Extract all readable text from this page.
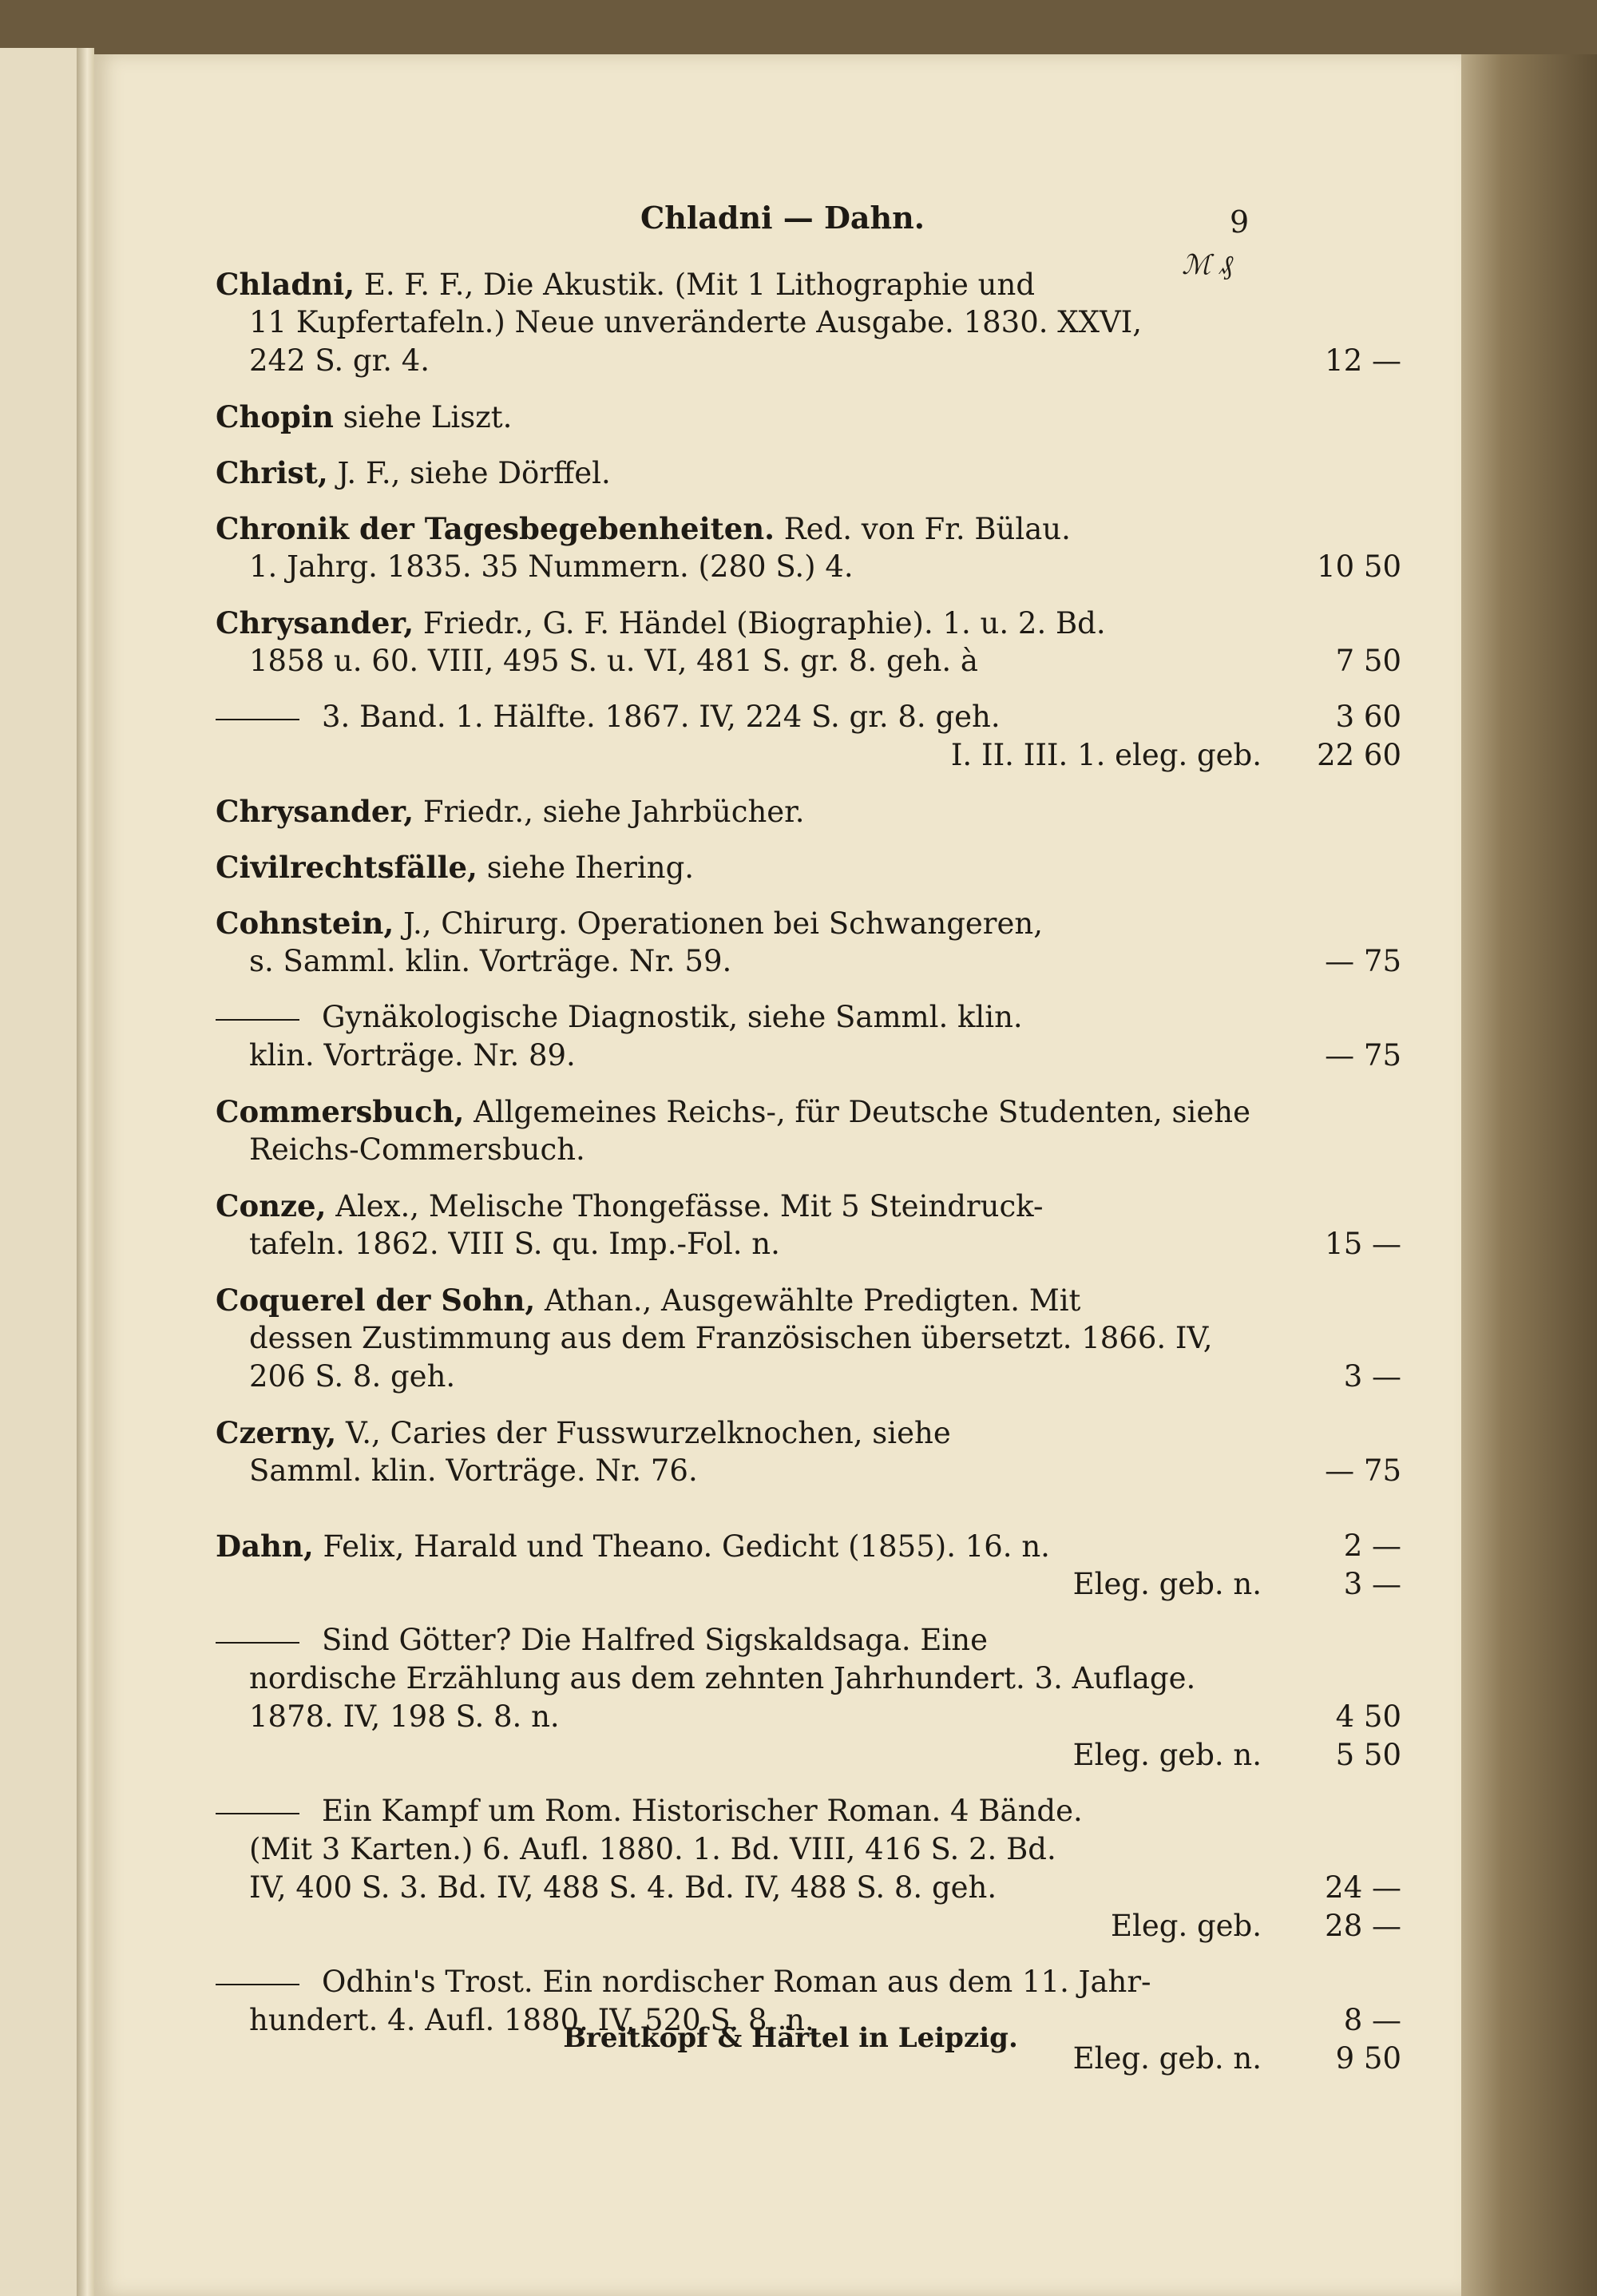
Chladni — Dahn.	9
ℳ ₰
Chladni, E. F. F., Die Akustik. (Mit 1 Lithographie und
11 Kupfertafeln.) Neue unveränderte Ausgabe. 1830. XXVI,
242 S. gr. 4.	12 —
Chopin siehe Liszt.
Christ, J. F., siehe Dörffel.
Chronik der Tagesbegebenheiten. Red. von Fr. Bülau.
1. Jahrg. 1835. 35 Nummern. (280 S.) 4.	10 50
Chrysander, Friedr., G. F. Händel (Biographie). 1. u. 2. Bd.
1858 u. 60. VIII, 495 S. u. VI, 481 S. gr. 8. geh. à	7 50
3. Band. 1. Hälfte. 1867. IV, 224 S. gr. 8. geh.	3 60
I. II. III. 1. eleg. geb.	22 60
Chrysander, Friedr., siehe Jahrbücher.
Civilrechtsfälle, siehe Ihering.
Cohnstein, J., Chirurg. Operationen bei Schwangeren,
s. Samml. klin. Vorträge. Nr. 59.	— 75
Gynäkologische Diagnostik, siehe Samml. klin.
klin. Vorträge. Nr. 89.	— 75
Commersbuch, Allgemeines Reichs-, für Deutsche Studenten, siehe
Reichs-Commersbuch.
Conze, Alex., Melische Thongefässe. Mit 5 Steindruck-
tafeln. 1862. VIII S. qu. Imp.-Fol. n.	15 —
Coquerel der Sohn, Athan., Ausgewählte Predigten. Mit
dessen Zustimmung aus dem Französischen übersetzt. 1866. IV,
206 S. 8. geh.	3 —
Czerny, V., Caries der Fusswurzelknochen, siehe
Samml. klin. Vorträge. Nr. 76.	— 75
Dahn, Felix, Harald und Theano. Gedicht (1855). 16. n.	2 —
Eleg. geb. n.	3 —
Sind Götter? Die Halfred Sigskaldsaga. Eine
nordische Erzählung aus dem zehnten Jahrhundert. 3. Auflage.
1878. IV, 198 S. 8. n.	4 50
Eleg. geb. n.	5 50
Ein Kampf um Rom. Historischer Roman. 4 Bände.
(Mit 3 Karten.) 6. Aufl. 1880. 1. Bd. VIII, 416 S. 2. Bd.
IV, 400 S. 3. Bd. IV, 488 S. 4. Bd. IV, 488 S. 8. geh.	24 —
Eleg. geb.	28 —
Odhin's Trost. Ein nordischer Roman aus dem 11. Jahr-
hundert. 4. Aufl. 1880. IV, 520 S. 8. n.	8 —
Eleg. geb. n.	9 50
Breitkopf & Härtel in Leipzig.
